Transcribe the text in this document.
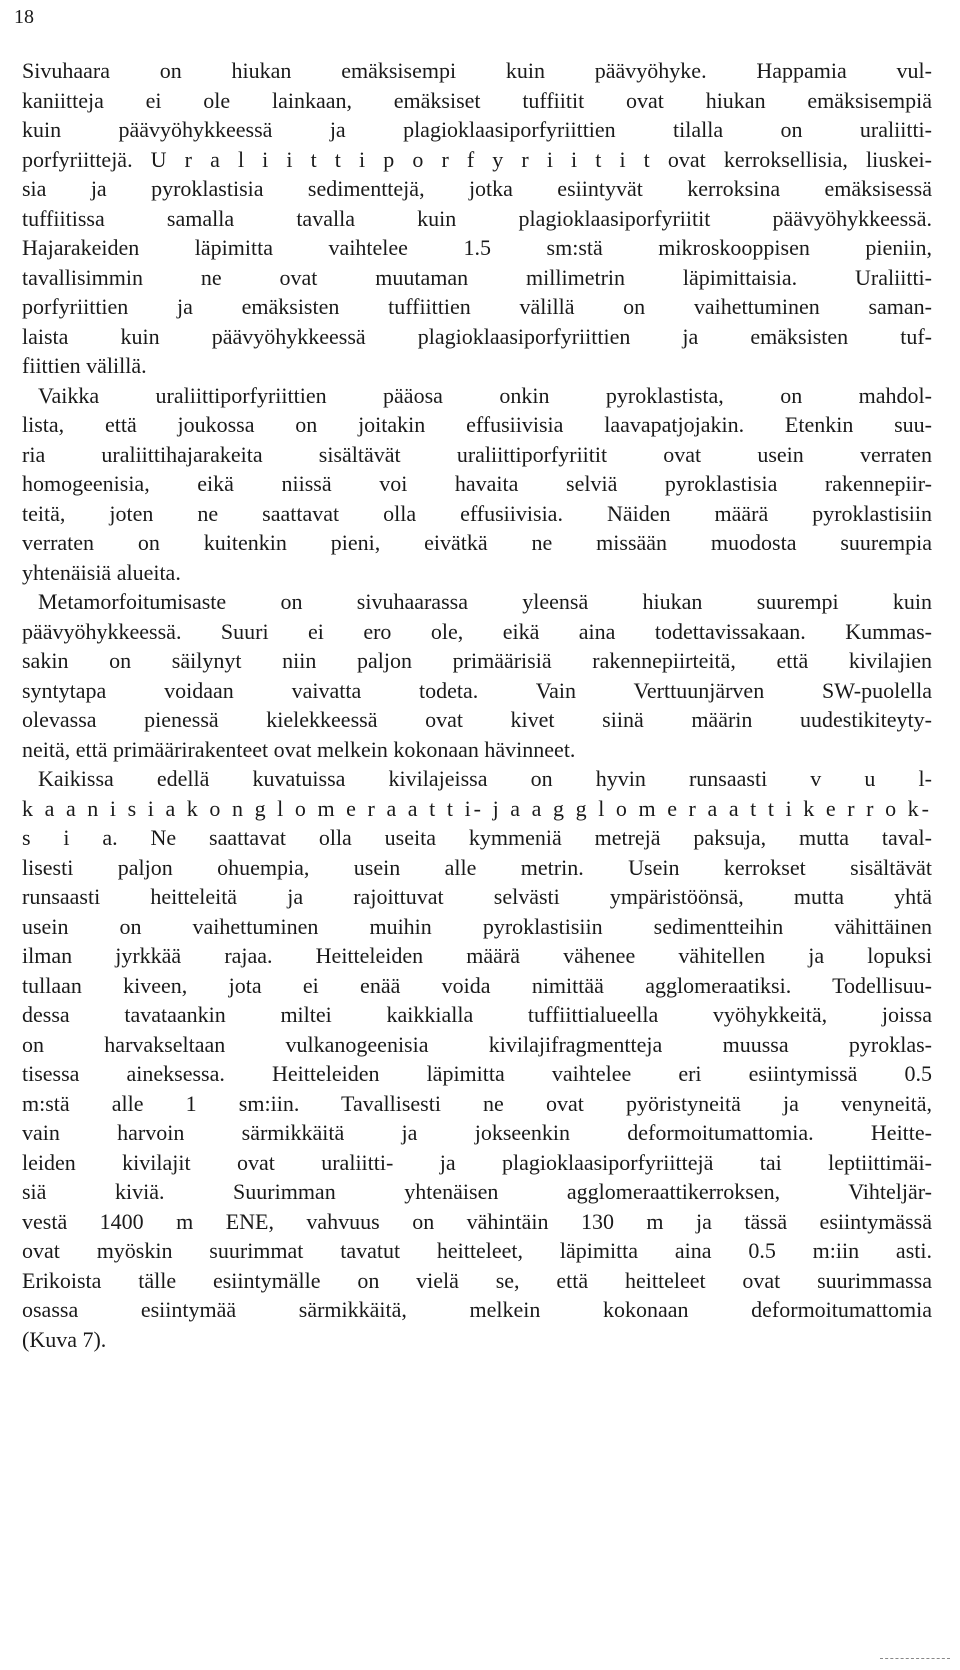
18
Sivuhaara on hiukan emäksisempi kuin päävyöhyke. Happamia vul-
kaniitteja ei ole lainkaan, emäksiset tuffiitit ovat hiukan emäksisempiä
kuin päävyöhykkeessä ja plagioklaasiporfyriittien tilalla on uraliitti-
porfyriittejä. U r a l i i t t i p o r f y r i i t i t ovat kerroksellisia, liuskei-
sia ja pyroklastisia sedimenttejä, jotka esiintyvät kerroksina emäksisessä
tuffiitissa samalla tavalla kuin plagioklaasiporfyriitit päävyöhykkeessä.
Hajarakeiden läpimitta vaihtelee 1.5 sm:stä mikroskooppisen pieniin,
tavallisimmin ne ovat muutaman millimetrin läpimittaisia. Uraliitti-
porfyriittien ja emäksisten tuffiittien välillä on vaihettuminen saman-
laista kuin päävyöhykkeessä plagioklaasiporfyriittien ja emäksisten tuf-
fiittien välillä.
Vaikka uraliittiporfyriittien pääosa onkin pyroklastista, on mahdol-
lista, että joukossa on joitakin effusiivisia laavapatjojakin. Etenkin suu-
ria uraliittihajarakeita sisältävät uraliittiporfyriitit ovat usein verraten
homogeenisia, eikä niissä voi havaita selviä pyroklastisia rakennepiir-
teitä, joten ne saattavat olla effusiivisia. Näiden määrä pyroklastisiin
verraten on kuitenkin pieni, eivätkä ne missään muodosta suurempia
yhtenäisiä alueita.
Metamorfoitumisaste on sivuhaarassa yleensä hiukan suurempi kuin
päävyöhykkeessä. Suuri ei ero ole, eikä aina todettavissakaan. Kummas-
sakin on säilynyt niin paljon primäärisiä rakennepiirteitä, että kivilajien
syntytapa voidaan vaivatta todeta. Vain Verttuunjärven SW-puolella
olevassa pienessä kielekkeessä ovat kivet siinä määrin uudestikiteyty-
neitä, että primäärirakenteet ovat melkein kokonaan hävinneet.
Kaikissa edellä kuvatuissa kivilajeissa on hyvin runsaasti v u l-
k a a n i s i a k o n g l o m e r a a t t i- j a a g g l o m e r a a t t i k e r r o k-
s i a. Ne saattavat olla useita kymmeniä metrejä paksuja, mutta taval-
lisesti paljon ohuempia, usein alle metrin. Usein kerrokset sisältävät
runsaasti heitteleitä ja rajoittuvat selvästi ympäristöönsä, mutta yhtä
usein on vaihettuminen muihin pyroklastisiin sedimentteihin vähittäinen
ilman jyrkkää rajaa. Heitteleiden määrä vähenee vähitellen ja lopuksi
tullaan kiveen, jota ei enää voida nimittää agglomeraatiksi. Todellisuu-
dessa tavataankin miltei kaikkialla tuffiittialueella vyöhykkeitä, joissa
on harvakseltaan vulkanogeenisia kivilajifragmentteja muussa pyroklas-
tisessa aineksessa. Heitteleiden läpimitta vaihtelee eri esiintymissä 0.5
m:stä alle 1 sm:iin. Tavallisesti ne ovat pyöristyneitä ja venyneitä,
vain harvoin särmikkäitä ja jokseenkin deformoitumattomia. Heitte-
leiden kivilajit ovat uraliitti- ja plagioklaasiporfyriittejä tai leptiittimäi-
siä kiviä. Suurimman yhtenäisen agglomeraattikerroksen, Vihteljär-
vestä 1400 m ENE, vahvuus on vähintäin 130 m ja tässä esiintymässä
ovat myöskin suurimmat tavatut heitteleet, läpimitta aina 0.5 m:iin asti.
Erikoista tälle esiintymälle on vielä se, että heitteleet ovat suurimmassa
osassa esiintymää särmikkäitä, melkein kokonaan deformoitumattomia
(Kuva 7).
